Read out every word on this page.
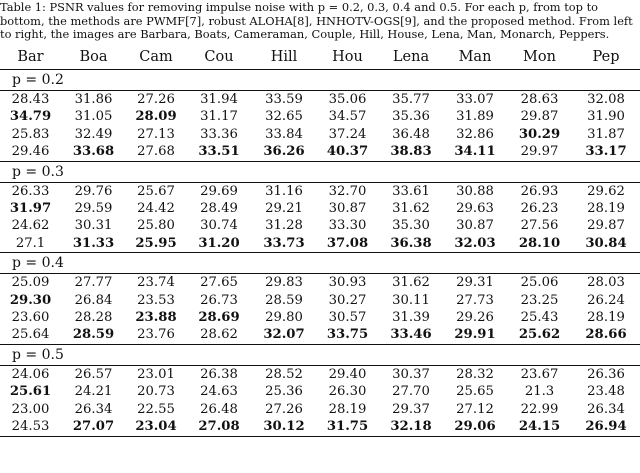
Table 1: PSNR values for removing impulse noise with p = 0.2, 0.3, 0.4 and 0.5. For each p, from top to bottom, the methods are PWMF[7], robust ALOHA[8], HNHOTV-OGS[9], and the proposed method. From left to right, the images are Barbara, Boats, Cameraman, Couple, Hill, House, Lena, Man, Monarch, Peppers.
Bar	Boa	Cam	Cou	Hill	Hou	Lena	Man	Mon	Pep
p = 0.2									
28.43	31.86	27.26	31.94	33.59	35.06	35.77	33.07	28.63	32.08
34.79	31.05	28.09	31.17	32.65	34.57	35.36	31.89	29.87	31.90
25.83	32.49	27.13	33.36	33.84	37.24	36.48	32.86	30.29	31.87
29.46	33.68	27.68	33.51	36.26	40.37	38.83	34.11	29.97	33.17
p = 0.3									
26.33	29.76	25.67	29.69	31.16	32.70	33.61	30.88	26.93	29.62
31.97	29.59	24.42	28.49	29.21	30.87	31.62	29.63	26.23	28.19
24.62	30.31	25.80	30.74	31.28	33.30	35.30	30.87	27.56	29.87
27.1	31.33	25.95	31.20	33.73	37.08	36.38	32.03	28.10	30.84
p = 0.4									
25.09	27.77	23.74	27.65	29.83	30.93	31.62	29.31	25.06	28.03
29.30	26.84	23.53	26.73	28.59	30.27	30.11	27.73	23.25	26.24
23.60	28.28	23.88	28.69	29.80	30.57	31.39	29.26	25.43	28.19
25.64	28.59	23.76	28.62	32.07	33.75	33.46	29.91	25.62	28.66
p = 0.5									
24.06	26.57	23.01	26.38	28.52	29.40	30.37	28.32	23.67	26.36
25.61	24.21	20.73	24.63	25.36	26.30	27.70	25.65	21.3	23.48
23.00	26.34	22.55	26.48	27.26	28.19	29.37	27.12	22.99	26.34
24.53	27.07	23.04	27.08	30.12	31.75	32.18	29.06	24.15	26.94
